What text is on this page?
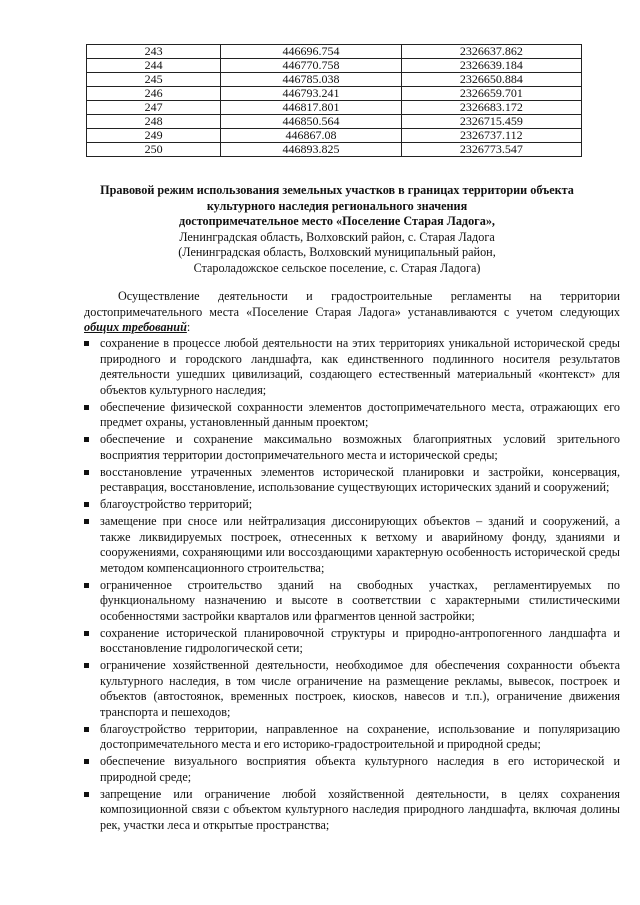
243	446696.754	2326637.862
244	446770.758	2326639.184
245	446785.038	2326650.884
246	446793.241	2326659.701
247	446817.801	2326683.172
248	446850.564	2326715.459
249	446867.08	2326737.112
250	446893.825	2326773.547
Правовой режим использования земельных участков в границах территории объекта
культурного наследия регионального значения
достопримечательное место «Поселение Старая Ладога»,
Ленинградская область, Волховский район, с. Старая Ладога
(Ленинградская область, Волховский муниципальный район,
Староладожское сельское поселение, с. Старая Ладога)

Осуществление деятельности и градостроительные регламенты на территории достопримечательного места «Поселение Старая Ладога» устанавливаются с учетом следующих общих требований:

сохранение в процессе любой деятельности на этих территориях уникальной исторической среды природного и городского ландшафта, как единственного подлинного носителя результатов деятельности ушедших цивилизаций, создающего естественный материальный «контекст» для объектов культурного наследия;
обеспечение физической сохранности элементов достопримечательного места, отражающих его предмет охраны, установленный данным проектом;
обеспечение и сохранение максимально возможных благоприятных условий зрительного восприятия территории достопримечательного места и исторической среды;
восстановление утраченных элементов исторической планировки и застройки, консервация, реставрация, восстановление, использование существующих исторических зданий и сооружений;
благоустройство территорий;
замещение при сносе или нейтрализация диссонирующих объектов – зданий и сооружений, а также ликвидируемых построек, отнесенных к ветхому и аварийному фонду, зданиями и сооружениями, сохраняющими или воссоздающими характерную особенность исторической среды методом компенсационного строительства;
ограниченное строительство зданий на свободных участках, регламентируемых по функциональному назначению и высоте в соответствии с характерными стилистическими особенностями застройки кварталов или фрагментов ценной застройки;
сохранение исторической планировочной структуры и природно-антропогенного ландшафта и восстановление гидрологической сети;
ограничение хозяйственной деятельности, необходимое для обеспечения сохранности объекта культурного наследия, в том числе ограничение на размещение рекламы, вывесок, построек и объектов (автостоянок, временных построек, киосков, навесов и т.п.), ограничение движения транспорта и пешеходов;
благоустройство территории, направленное на сохранение, использование и популяризацию достопримечательного места и его историко-градостроительной и природной среды;
обеспечение визуального восприятия объекта культурного наследия в его исторической и природной среде;
запрещение или ограничение любой хозяйственной деятельности, в целях сохранения композиционной связи с объектом культурного наследия природного ландшафта, включая долины рек, участки леса и открытые пространства;
